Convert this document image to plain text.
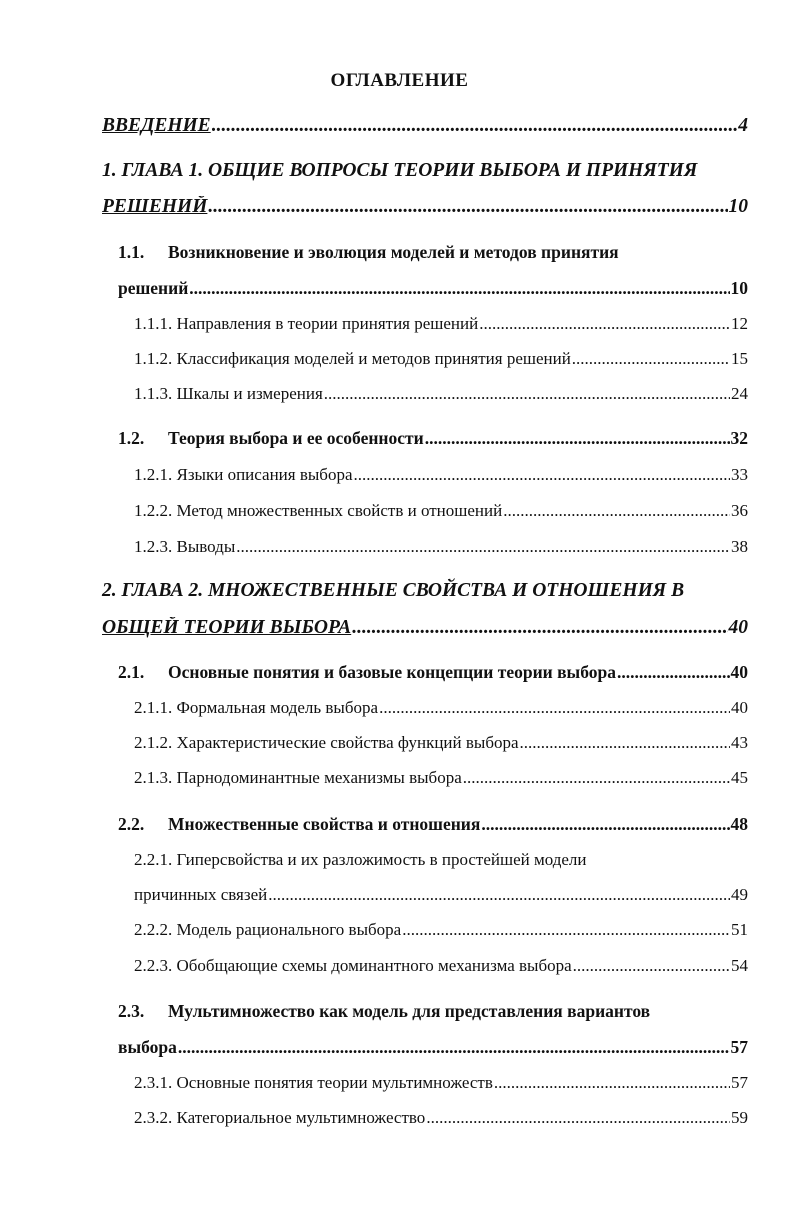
ОГЛАВЛЕНИЕ
ВВЕДЕНИЕ .....	4
1. ГЛАВА 1. ОБЩИЕ ВОПРОСЫ ТЕОРИИ ВЫБОРА И ПРИНЯТИЯ
РЕШЕНИЙ .....	10
1.1. Возникновение и эволюция моделей и методов принятия
решений .....	10
1.1.1. Направления в теории принятия решений .....	12
1.1.2. Классификация моделей и методов принятия решений .....	15
1.1.3. Шкалы и измерения .....	24
1.2.	Теория выбора и ее особенности .....	32
1.2.1. Языки описания выбора .....	33
1.2.2. Метод множественных свойств и отношений .....	36
1.2.3. Выводы .....	38
2. ГЛАВА 2. МНОЖЕСТВЕННЫЕ СВОЙСТВА И ОТНОШЕНИЯ В
ОБЩЕЙ ТЕОРИИ ВЫБОРА .....	40
2.1.	Основные понятия и базовые концепции теории выбора .....	40
2.1.1. Формальная модель выбора .....	40
2.1.2. Характеристические свойства функций выбора .....	43
2.1.3. Парнодоминантные механизмы выбора .....	45
2.2.	Множественные свойства и отношения .....	48
2.2.1. Гиперсвойства и их разложимость в простейшей модели
причинных связей .....	49
2.2.2. Модель рационального выбора .....	51
2.2.3. Обобщающие схемы доминантного механизма выбора .....	54
2.3. Мультимножество как модель для представления вариантов
выбора .....	57
2.3.1. Основные понятия теории мультимножеств .....	57
2.3.2. Категориальное мультимножество .....	59
